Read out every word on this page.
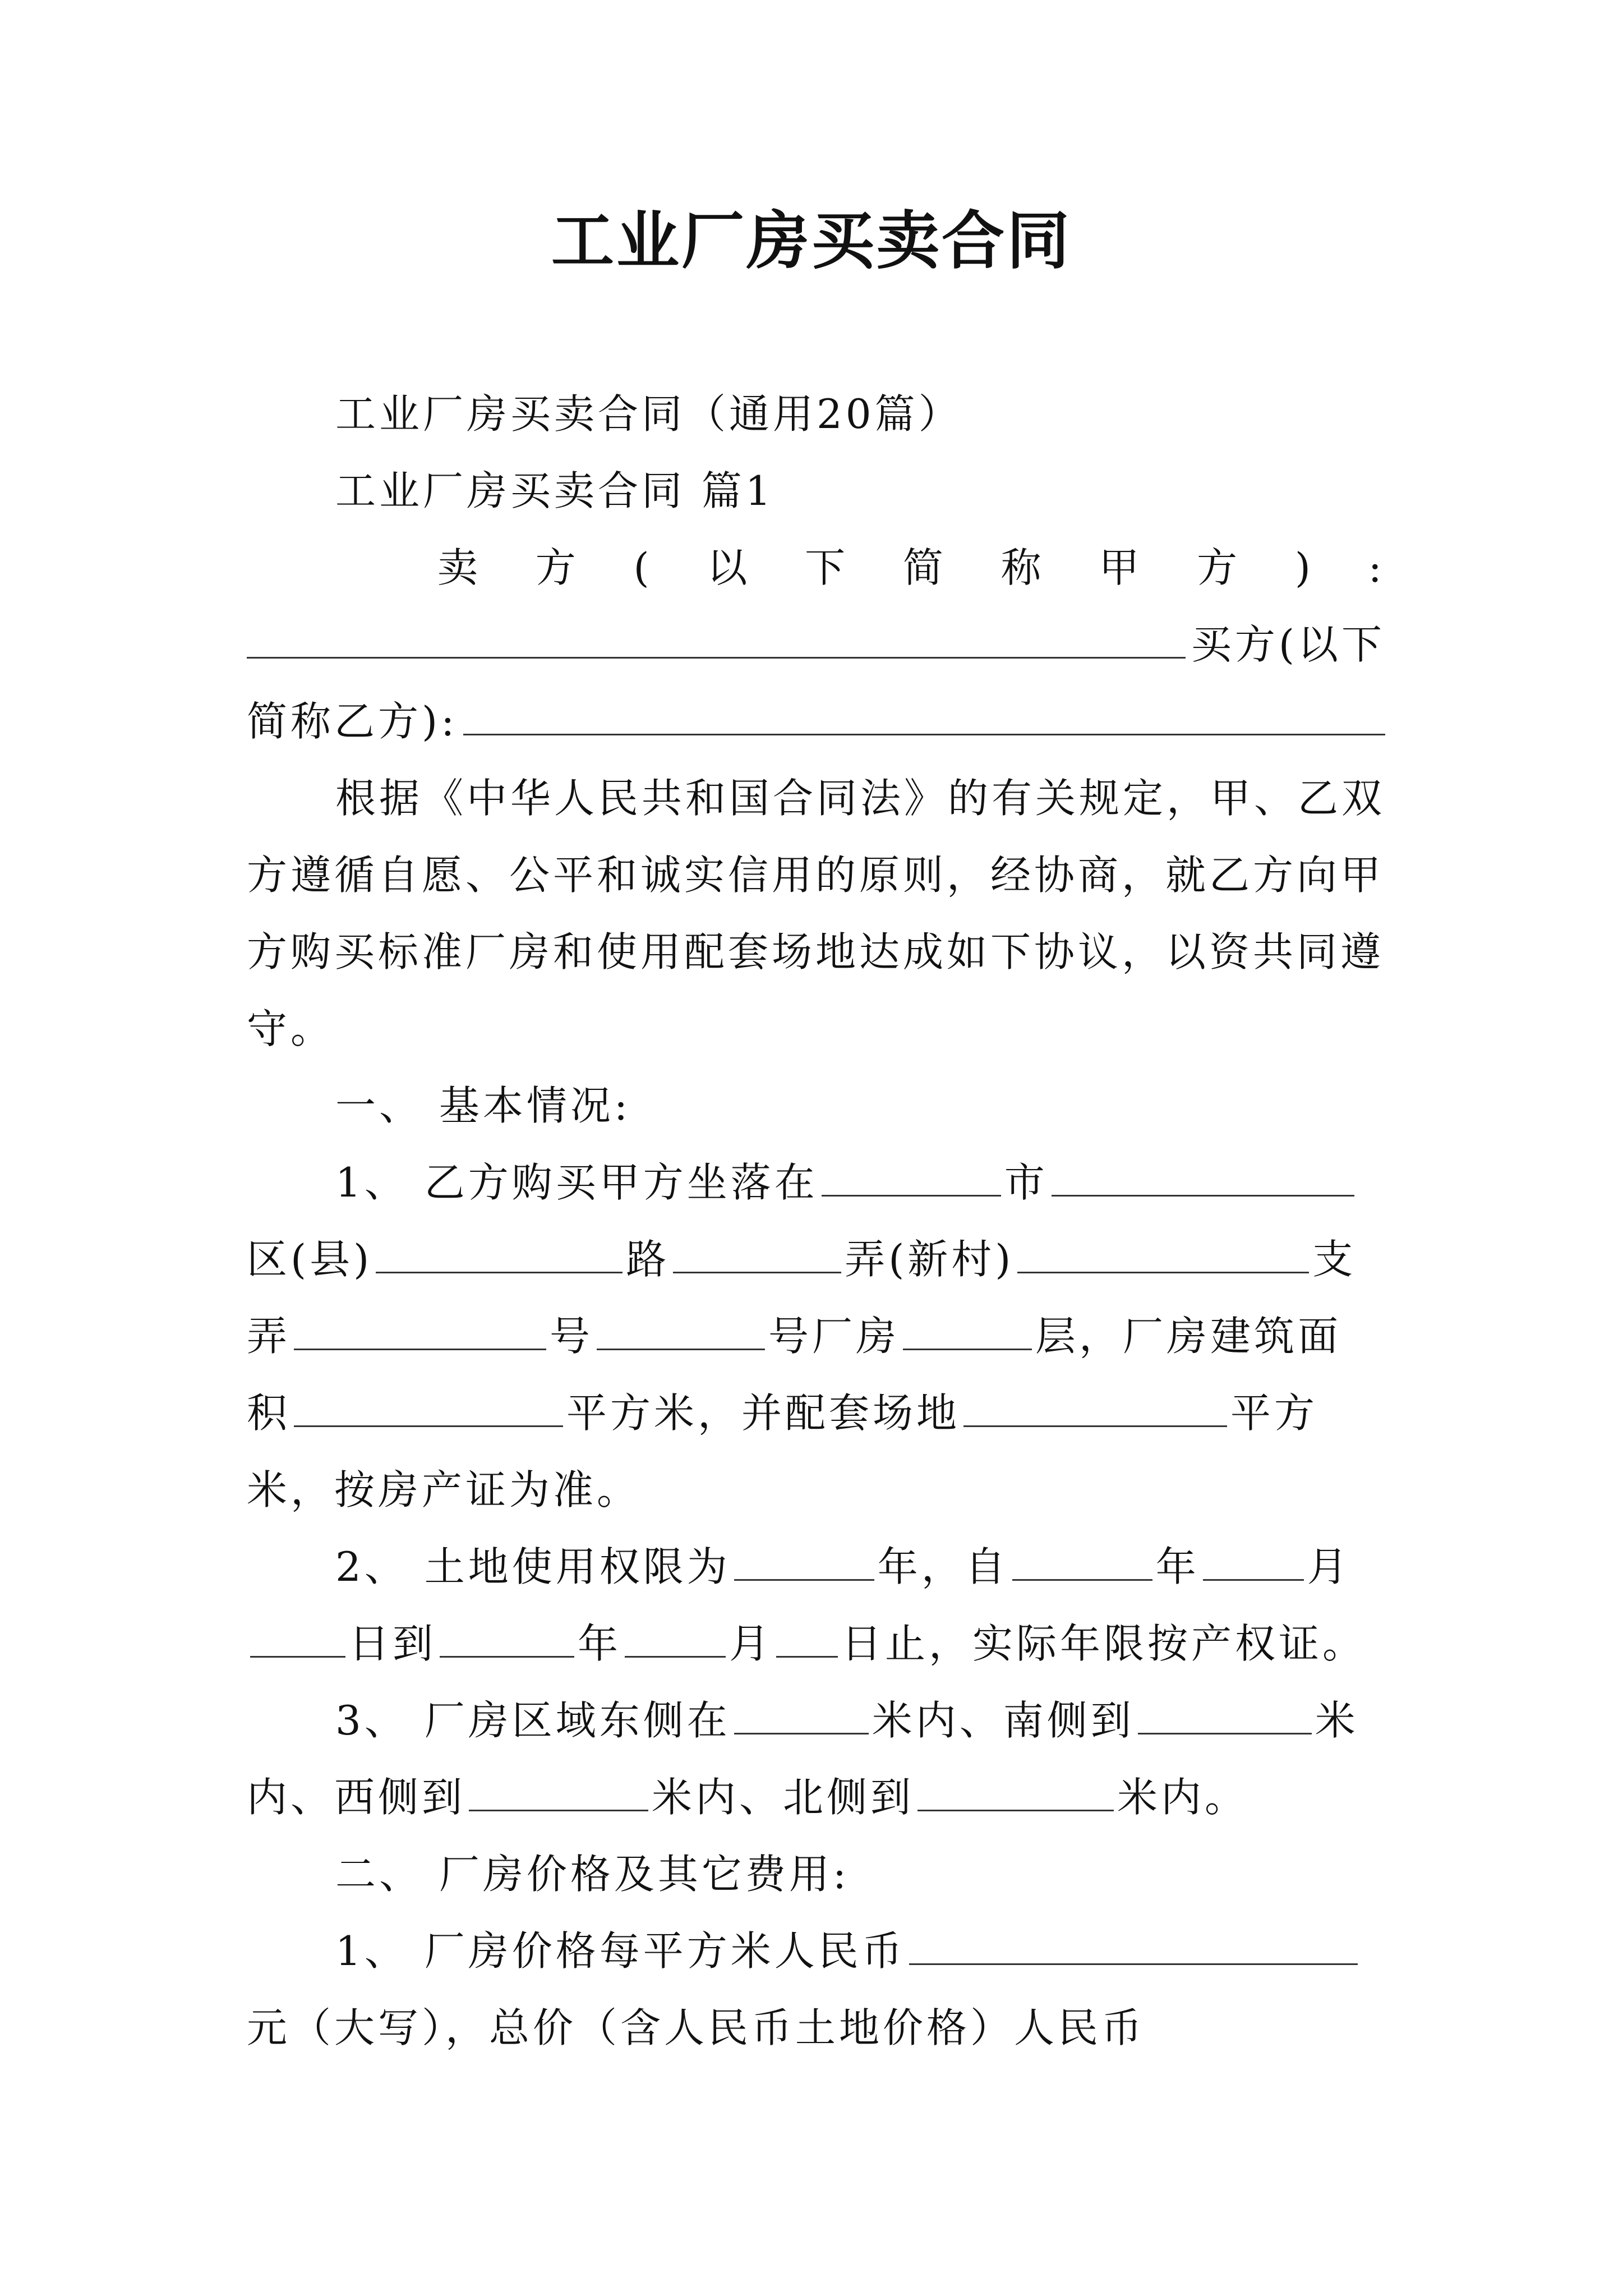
工业厂房买卖合同

工业厂房买卖合同（通用20篇）

工业厂房买卖合同 篇1

卖 方 ( 以 下 简 称 甲 方 ) :
买方(以下
简称乙方):

根据《中华人民共和国合同法》的有关规定，甲、乙双方遵循自愿、公平和诚实信用的原则，经协商，就乙方向甲方购买标准厂房和使用配套场地达成如下协议，以资共同遵守。

一、 基本情况:

1、 乙方购买甲方坐落在	市区(县)	路	弄(新村)	支弄	号	号厂房	层，厂房建筑面积	平方米，并配套场地	平方米，按房产证为准。

2、 土地使用权限为	年，自	年	月日到	年	月 日止，实际年限按产权证。

3、 厂房区域东侧在	米内、南侧到	米内、西侧到	米内、北侧到	米内。

二、 厂房价格及其它费用:

1、 厂房价格每平方米人民币元（大写），总价（含人民币土地价格）人民币
